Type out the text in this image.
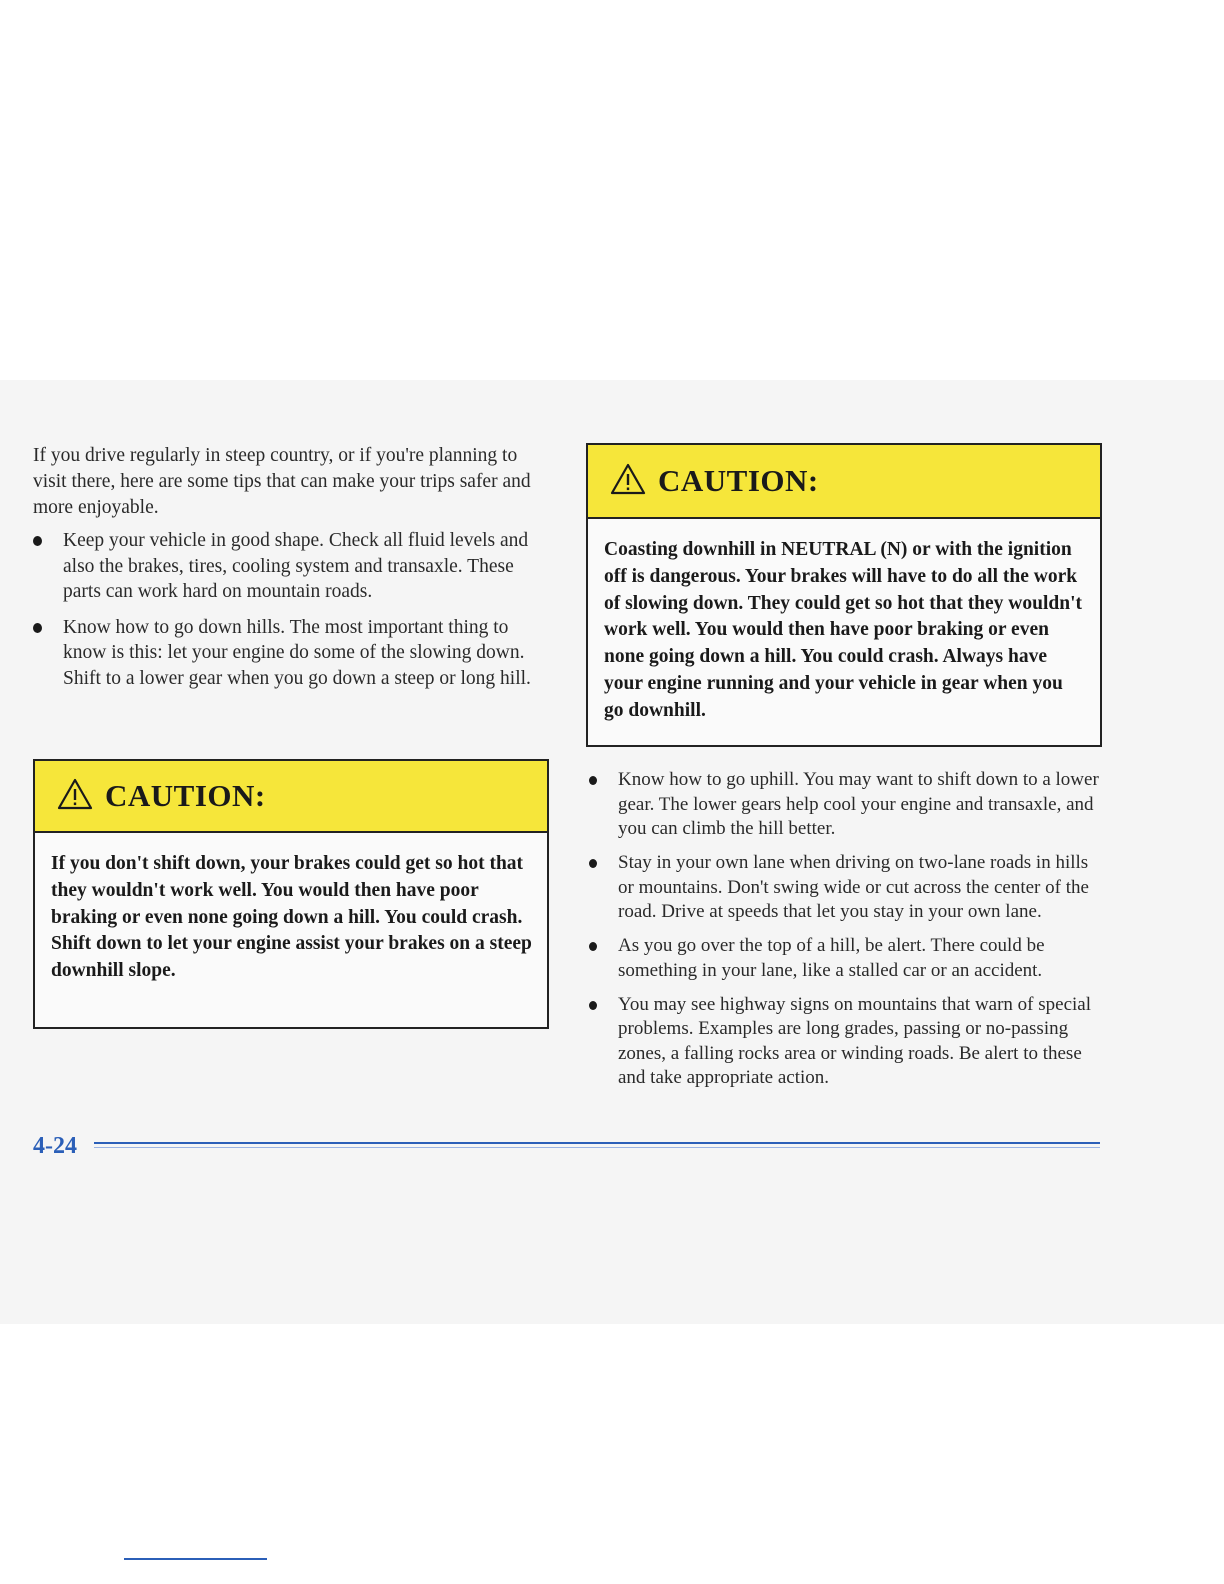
If you drive regularly in steep country, or if you're planning to visit there, here are some tips that can make your trips safer and more enjoyable.

Keep your vehicle in good shape. Check all fluid levels and also the brakes, tires, cooling system and transaxle. These parts can work hard on mountain roads.
Know how to go down hills. The most important thing to know is this: let your engine do some of the slowing down. Shift to a lower gear when you go down a steep or long hill.
CAUTION:
If you don't shift down, your brakes could get so hot that they wouldn't work well. You would then have poor braking or even none going down a hill. You could crash. Shift down to let your engine assist your brakes on a steep downhill slope.
CAUTION:
Coasting downhill in NEUTRAL (N) or with the ignition off is dangerous. Your brakes will have to do all the work of slowing down. They could get so hot that they wouldn't work well. You would then have poor braking or even none going down a hill. You could crash. Always have your engine running and your vehicle in gear when you go downhill.
Know how to go uphill. You may want to shift down to a lower gear. The lower gears help cool your engine and transaxle, and you can climb the hill better.
Stay in your own lane when driving on two-lane roads in hills or mountains. Don't swing wide or cut across the center of the road. Drive at speeds that let you stay in your own lane.
As you go over the top of a hill, be alert. There could be something in your lane, like a stalled car or an accident.
You may see highway signs on mountains that warn of special problems. Examples are long grades, passing or no-passing zones, a falling rocks area or winding roads. Be alert to these and take appropriate action.
4-24
